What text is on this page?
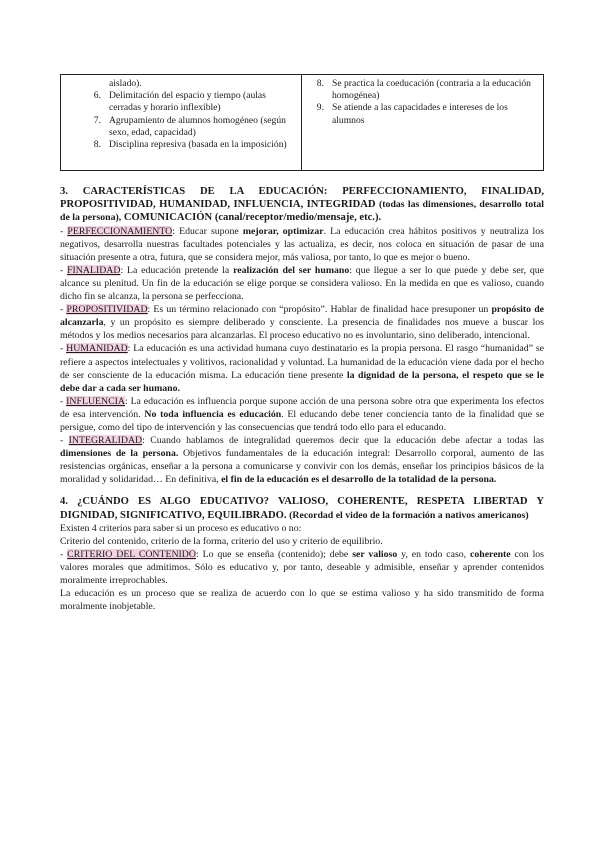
aislado).
6. Delimitación del espacio y tiempo (aulas cerradas y horario inflexible)
7. Agrupamiento de alumnos homogéneo (según sexo, edad, capacidad)
8. Disciplina represiva (basada en la imposición)
8. Se practica la coeducación (contraria a la educación homogénea)
9. Se atiende a las capacidades e intereses de los alumnos

3. CARACTERÍSTICAS DE LA EDUCACIÓN: PERFECCIONAMIENTO, FINALIDAD, PROPOSITIVIDAD, HUMANIDAD, INFLUENCIA, INTEGRIDAD (todas las dimensiones, desarrollo total de la persona), COMUNICACIÓN (canal/receptor/medio/mensaje, etc.).

- PERFECCIONAMIENTO: Educar supone mejorar, optimizar. La educación crea hábitos positivos y neutraliza los negativos, desarrolla nuestras facultades potenciales y las actualiza, es decir, nos coloca en situación de pasar de una situación presente a otra, futura, que se considera mejor, más valiosa, por tanto, lo que es mejor o bueno.

- FINALIDAD: La educación pretende la realización del ser humano: que llegue a ser lo que puede y debe ser, que alcance su plenitud. Un fin de la educación se elige porque se considera valioso. En la medida en que es valioso, cuando dicho fin se alcanza, la persona se perfecciona.

- PROPOSITIVIDAD: Es un término relacionado con “propósito”. Hablar de finalidad hace presuponer un propósito de alcanzarla, y un propósito es siempre deliberado y consciente. La presencia de finalidades nos mueve a buscar los métodos y los medios necesarios para alcanzarlas. El proceso educativo no es involuntario, sino deliberado, intencional.

- HUMANIDAD: La educación es una actividad humana cuyo destinatario es la propia persona. El rasgo “humanidad” se refiere a aspectos intelectuales y volitivos, racionalidad y voluntad. La humanidad de la educación viene dada por el hecho de ser consciente de la educación misma. La educación tiene presente la dignidad de la persona, el respeto que se le debe dar a cada ser humano.

- INFLUENCIA: La educación es influencia porque supone acción de una persona sobre otra que experimenta los efectos de esa intervención. No toda influencia es educación. El educando debe tener conciencia tanto de la finalidad que se persigue, como del tipo de intervención y las consecuencias que tendrá todo ello para el educando.

- INTEGRALIDAD: Cuando hablamos de integralidad queremos decir que la educación debe afectar a todas las dimensiones de la persona. Objetivos fundamentales de la educación integral: Desarrollo corporal, aumento de las resistencias orgánicas, enseñar a la persona a comunicarse y convivir con los demás, enseñar los principios básicos de la moralidad y solidaridad… En definitiva, el fin de la educación es el desarrollo de la totalidad de la persona.

4. ¿CUÁNDO ES ALGO EDUCATIVO? VALIOSO, COHERENTE, RESPETA LIBERTAD Y DIGNIDAD, SIGNIFICATIVO, EQUILIBRADO. (Recordad el video de la formación a nativos americanos)

Existen 4 criterios para saber si un proceso es educativo o no:

Criterio del contenido, criterio de la forma, criterio del uso y criterio de equilibrio.

- CRITERIO DEL CONTENIDO: Lo que se enseña (contenido); debe ser valioso y, en todo caso, coherente con los valores morales que admitimos. Sólo es educativo y, por tanto, deseable y admisible, enseñar y aprender contenidos moralmente irreprochables.

La educación es un proceso que se realiza de acuerdo con lo que se estima valioso y ha sido transmitido de forma moralmente inobjetable.
